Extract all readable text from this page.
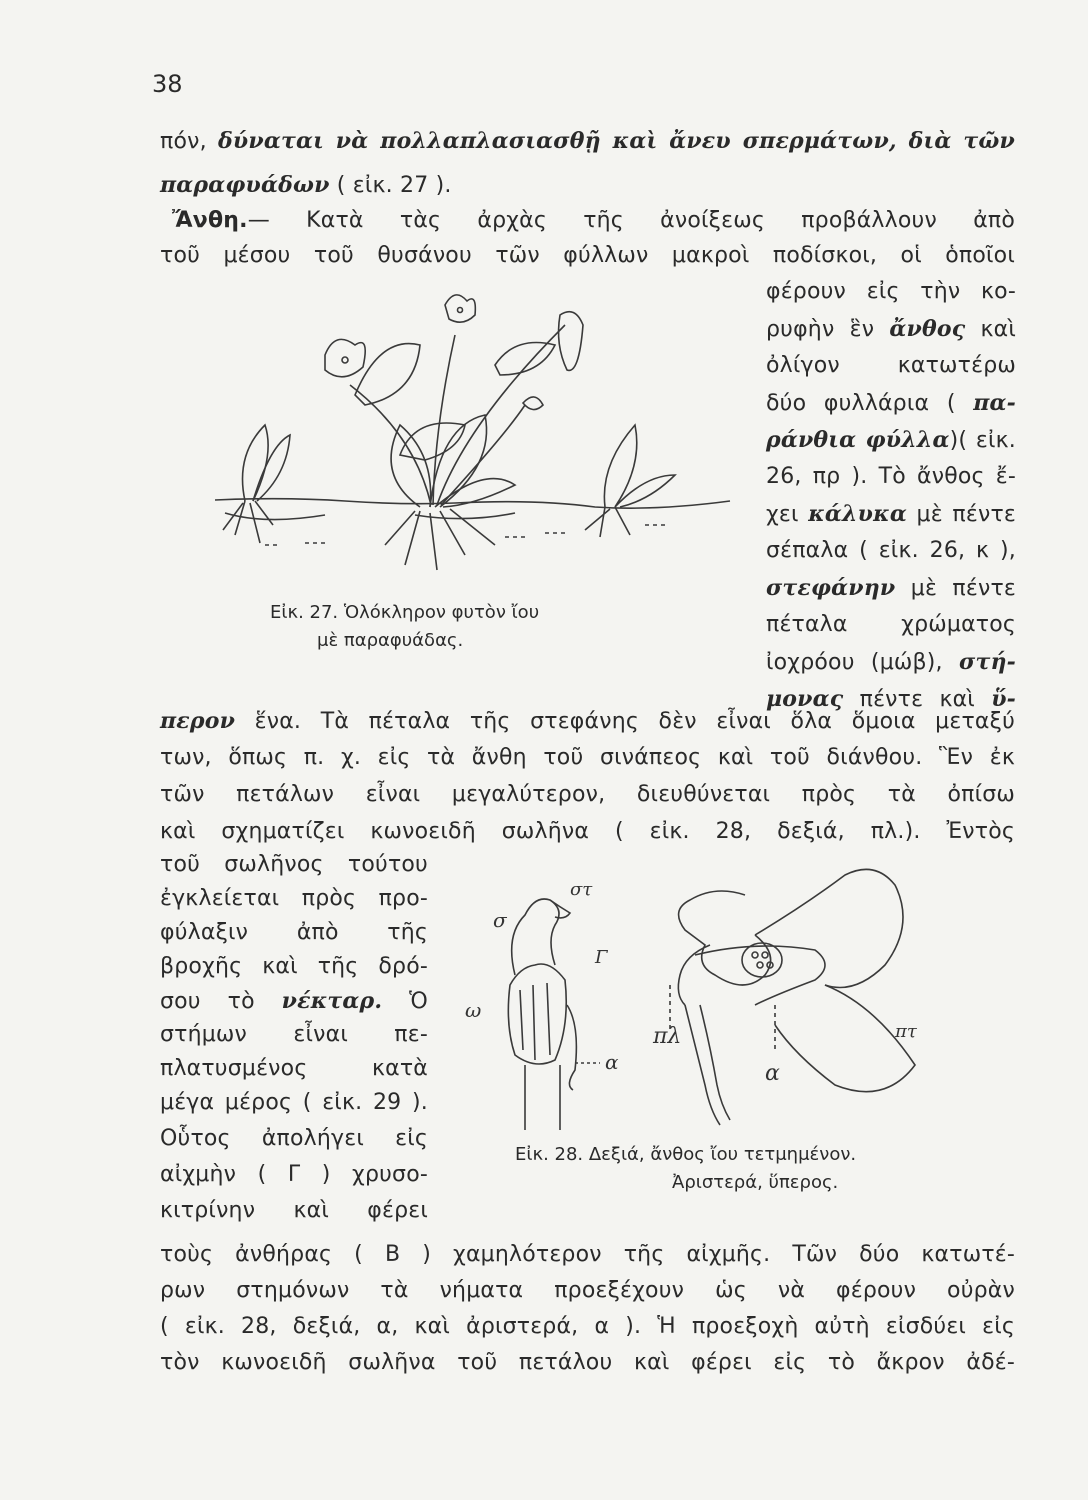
38
πόν, δύναται νὰ πολλαπλασιασθῇ καὶ ἄνευ σπερμάτων, διὰ τῶν
παραφυάδων ( εἰκ. 27 ).
Ἄνθη.— Κατὰ τὰς ἀρχὰς τῆς ἀνοίξεως προβάλλουν ἀπὸ
τοῦ μέσου τοῦ θυσάνου τῶν φύλλων μακροὶ ποδίσκοι, οἱ ὁποῖοι
φέρουν εἰς τὴν κο-
ρυφὴν ἓν ἄνθος καὶ
ὀλίγον κατωτέρω
δύο φυλλάρια ( πα-
ράνθια φύλλα)( εἰκ.
26, πρ ). Τὸ ἄνθος ἔ-
χει κάλυκα μὲ πέντε
σέπαλα ( εἰκ. 26, κ ),
στεφάνην μὲ πέντε
πέταλα χρώματος
ἰοχρόου (μώβ), στή-
μονας πέντε καὶ ὕ-
Εἰκ. 27. Ὁλόκληρον φυτὸν ἴου
μὲ παραφυάδας.
περον ἕνα. Τὰ πέταλα τῆς στεφάνης δὲν εἶναι ὅλα ὅμοια μεταξύ
των, ὅπως π. χ. εἰς τὰ ἄνθη τοῦ σινάπεος καὶ τοῦ διάνθου. Ἓν ἐκ
τῶν πετάλων εἶναι μεγαλύτερον, διευθύνεται πρὸς τὰ ὀπίσω
καὶ σχηματίζει κωνοειδῆ σωλῆνα ( εἰκ. 28, δεξιά, πλ.). Ἐντὸς
τοῦ σωλῆνος τούτου
ἐγκλείεται πρὸς προ-
φύλαξιν ἀπὸ τῆς
βροχῆς καὶ τῆς δρό-
σου τὸ νέκταρ. Ὁ
στήμων εἶναι πε-
πλατυσμένος κατὰ
μέγα μέρος ( εἰκ. 29 ).
Οὗτος ἀπολήγει εἰς
αἰχμὴν ( Γ ) χρυσο-
κιτρίνην καὶ φέρει
στ
σ
Γ
ω
α
πλ
α
πτ
Εἰκ. 28. Δεξιά, ἄνθος ἴου τετμημένον.
Ἀριστερά, ὕπερος.
τοὺς ἀνθήρας ( Β ) χαμηλότερον τῆς αἰχμῆς. Τῶν δύο κατωτέ-
ρων στημόνων τὰ νήματα προεξέχουν ὡς νὰ φέρουν οὐρὰν
( εἰκ. 28, δεξιά, α, καὶ ἀριστερά, α ). Ἡ προεξοχὴ αὐτὴ εἰσδύει εἰς
τὸν κωνοειδῆ σωλῆνα τοῦ πετάλου καὶ φέρει εἰς τὸ ἄκρον ἀδέ-
